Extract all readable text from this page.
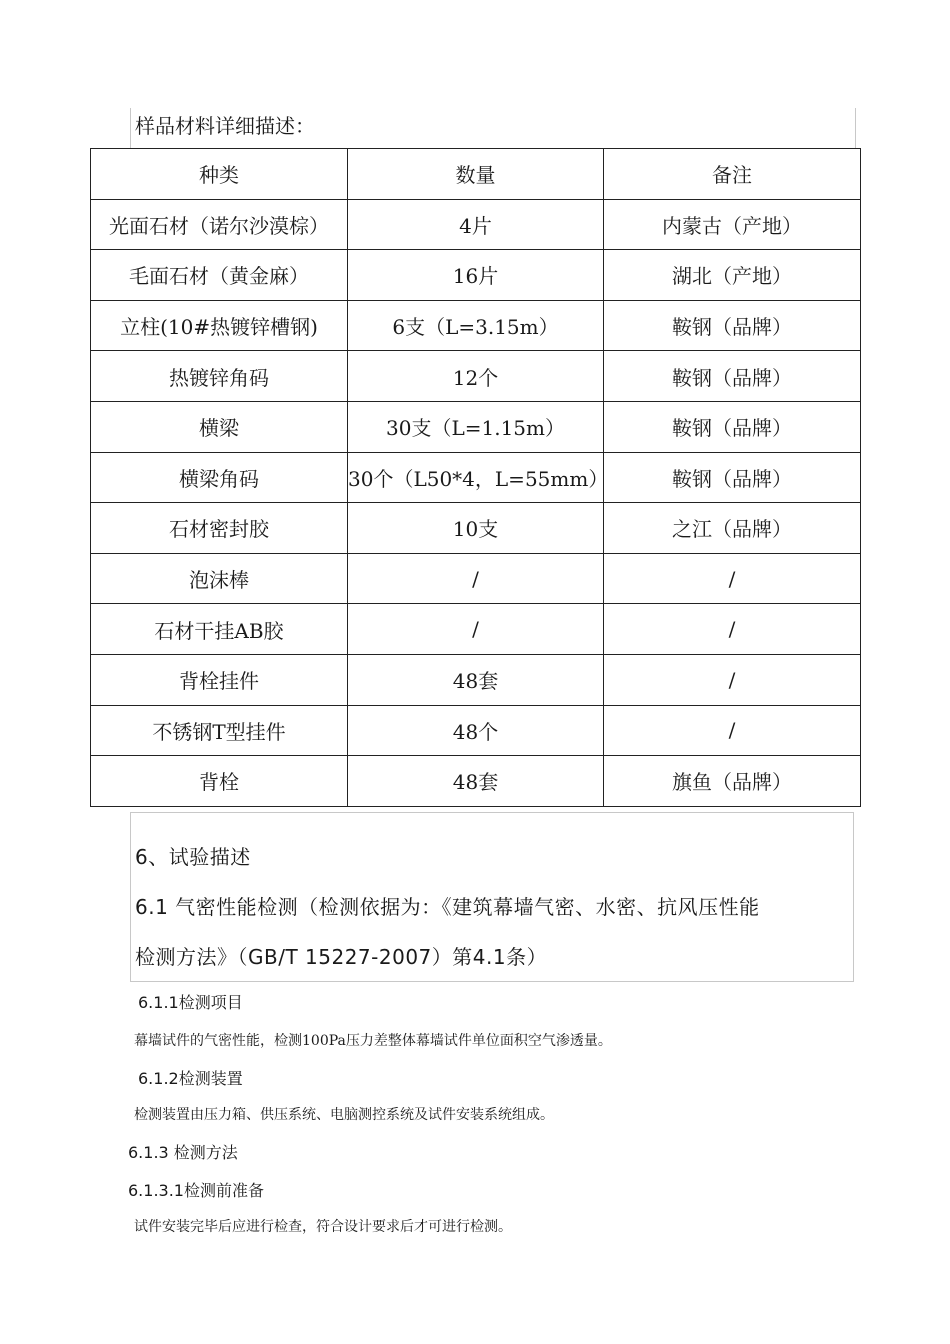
样品材料详细描述：
种类	数量	备注
光面石材（诺尔沙漠棕）	4片	内蒙古（产地）
毛面石材（黄金麻）	16片	湖北（产地）
立柱(10#热镀锌槽钢)	6支（L=3.15m）	鞍钢（品牌）
热镀锌角码	12个	鞍钢（品牌）
横梁	30支（L=1.15m）	鞍钢（品牌）
横梁角码	30个（L50*4，L=55mm）	鞍钢（品牌）
石材密封胶	10支	之江（品牌）
泡沫棒	/	/
石材干挂AB胶	/	/
背栓挂件	48套	/
不锈钢T型挂件	48个	/
背栓	48套	旗鱼（品牌）
6、试验描述
6.1 气密性能检测（检测依据为：《建筑幕墙气密、水密、抗风压性能
检测方法》（GB/T 15227-2007）第4.1条）
6.1.1检测项目
幕墙试件的气密性能，检测100Pa压力差整体幕墙试件单位面积空气渗透量。
6.1.2检测装置
检测装置由压力箱、供压系统、电脑测控系统及试件安装系统组成。
6.1.3 检测方法
6.1.3.1检测前准备
试件安装完毕后应进行检查，符合设计要求后才可进行检测。
